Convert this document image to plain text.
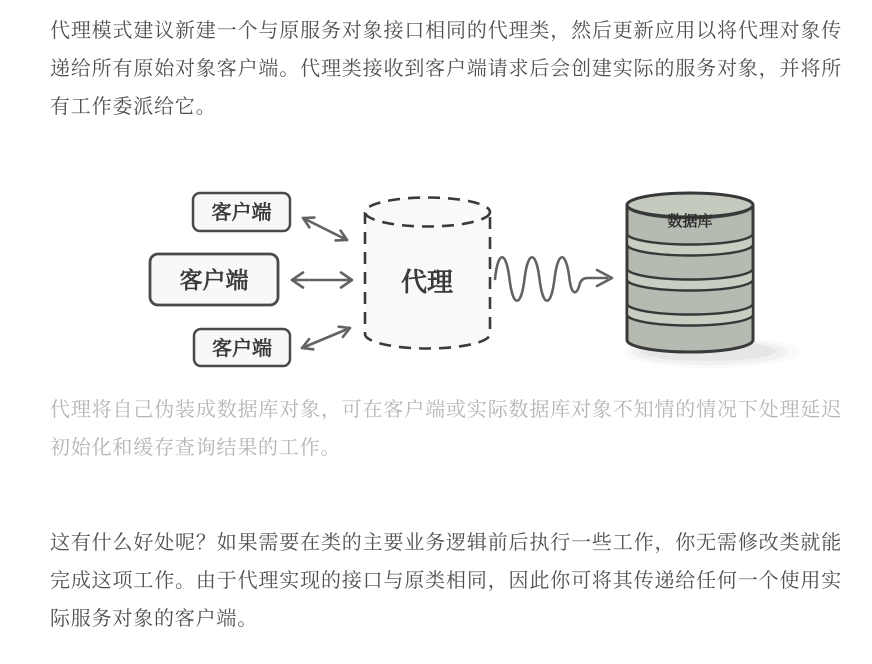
代理模式建议新建一个与原服务对象接口相同的代理类，然后更新应用以将代理对象传递给所有原始对象客户端。代理类接收到客户端请求后会创建实际的服务对象，并将所有工作委派给它。

客户端
客户端
客户端
代理
数据库

代理将自己伪装成数据库对象，可在客户端或实际数据库对象不知情的情况下处理延迟初始化和缓存查询结果的工作。

这有什么好处呢？如果需要在类的主要业务逻辑前后执行一些工作，你无需修改类就能完成这项工作。由于代理实现的接口与原类相同，因此你可将其传递给任何一个使用实际服务对象的客户端。
